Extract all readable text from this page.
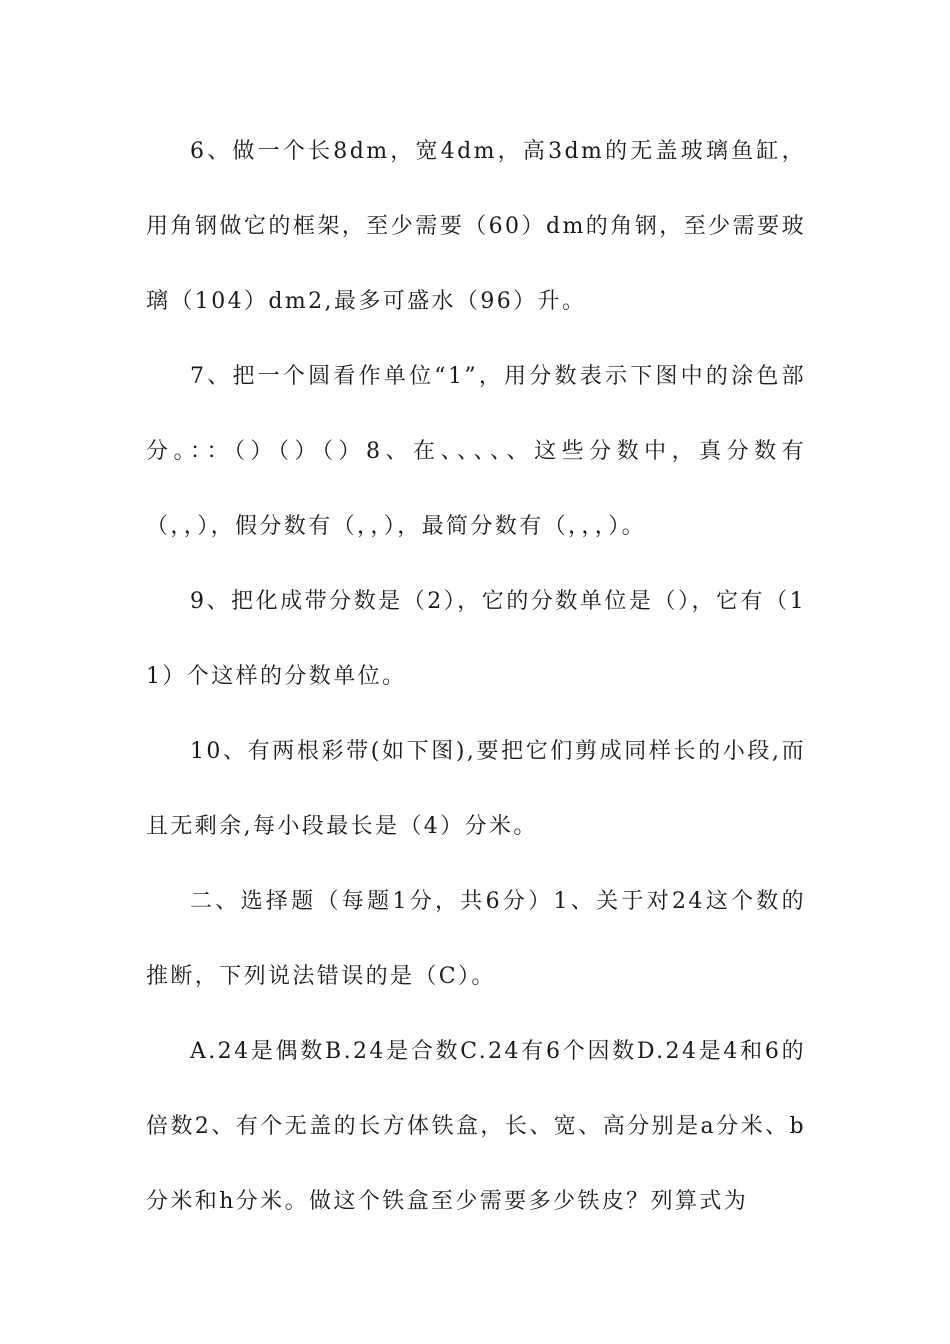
6、做一个长8dm，宽4dm，高3dm的无盖玻璃鱼缸，用角钢做它的框架，至少需要（60）dm的角钢，至少需要玻璃（104）dm2,最多可盛水（96）升。

7、把一个圆看作单位“1”，用分数表示下图中的涂色部分。：：（）（）（）8、在、、、、、这些分数中，真分数有（，，），假分数有（，，），最简分数有（，，，）。

9、把化成带分数是（2），它的分数单位是（），它有（11）个这样的分数单位。

10、有两根彩带(如下图),要把它们剪成同样长的小段,而且无剩余,每小段最长是（4）分米。

二、选择题（每题1分，共6分）1、关于对24这个数的推断，下列说法错误的是（C）。

A.24是偶数B.24是合数C.24有6个因数D.24是4和6的倍数2、有个无盖的长方体铁盒，长、宽、高分别是a分米、b分米和h分米。做这个铁盒至少需要多少铁皮？列算式为
